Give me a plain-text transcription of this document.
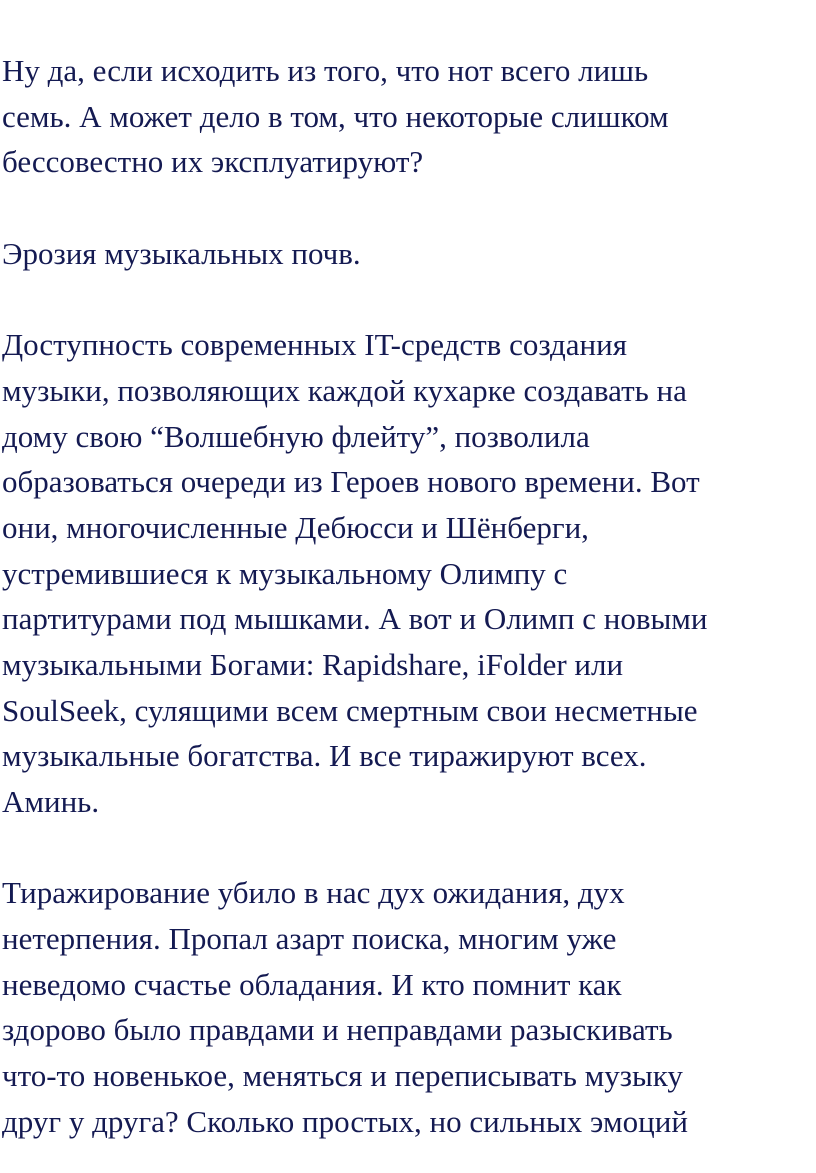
Ну да, если исходить из того, что нот всего лишь
семь. А может дело в том, что некоторые слишком
бессовестно их эксплуатируют?
Эрозия музыкальных почв.
Доступность современных IT-средств создания
музыки, позволяющих каждой кухарке создавать на
дому свою “Волшебную флейту”, позволила
образоваться очереди из Героев нового времени. Вот
они, многочисленные Дебюсси и Шёнберги,
устремившиеся к музыкальному Олимпу с
партитурами под мышками. А вот и Олимп с новыми
музыкальными Богами: Rapidshare, iFolder или
SoulSeek, сулящими всем смертным свои несметные
музыкальные богатства. И все тиражируют всех.
Аминь.
Тиражирование убило в нас дух ожидания, дух
нетерпения. Пропал азарт поиска, многим уже
неведомо счастье обладания. И кто помнит как
здорово было правдами и неправдами разыскивать
что-то новенькое, меняться и переписывать музыку
друг у друга? Сколько простых, но сильных эмоций
